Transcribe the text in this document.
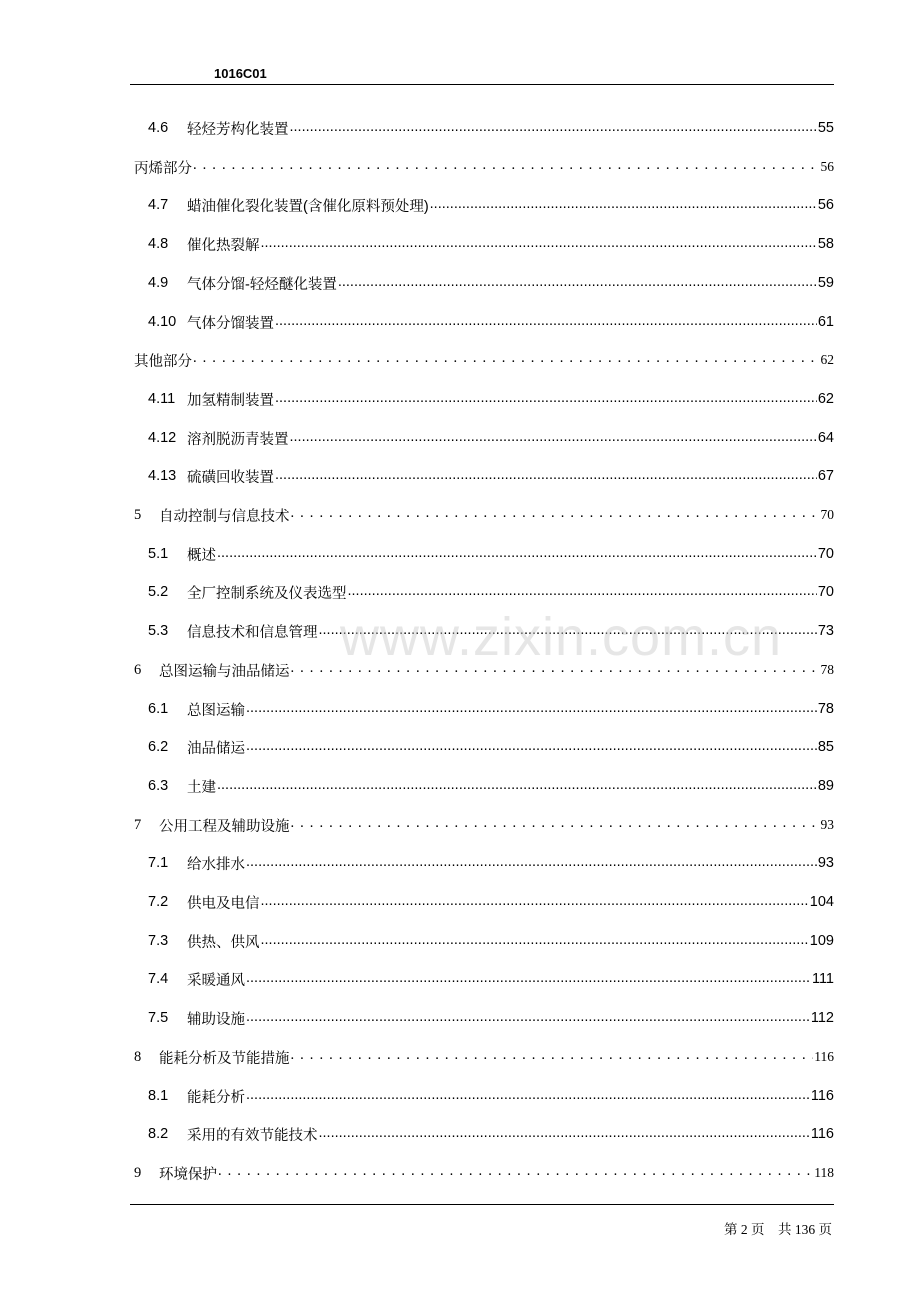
1016C01
4.6	轻烃芳构化装置 .....	55
丙烯部分 . . .	56
4.7	蜡油催化裂化装置(含催化原料预处理) .....	56
4.8	催化热裂解 .....	58
4.9	气体分馏-轻烃醚化装置 .....	59
4.10 气体分馏装置 .....	61
其他部分 . . .	62
4.11 加氢精制装置 .....	62
4.12 溶剂脱沥青装置 .....	64
4.13 硫磺回收装置 .....	67
5	自动控制与信息技术 . . .	70
5.1	概述 .....	70
5.2	全厂控制系统及仪表选型 .....	70
5.3	信息技术和信息管理 .....	73
6	总图运输与油品储运 . . .	78
6.1	总图运输 .....	78
6.2	油品储运 .....	85
6.3	土建 .....	89
7	公用工程及辅助设施 . . .	93
7.1	给水排水 .....	93
7.2	供电及电信 .....	104
7.3	供热、供风 .....	109
7.4	采暖通风 .....	111
7.5	辅助设施 .....	112
8	能耗分析及节能措施 . . .	116
8.1	能耗分析 .....	116
8.2	采用的有效节能技术 .....	116
9	环境保护 . . .	118
www.zixin.com.cn
第 2 页　共 136 页
